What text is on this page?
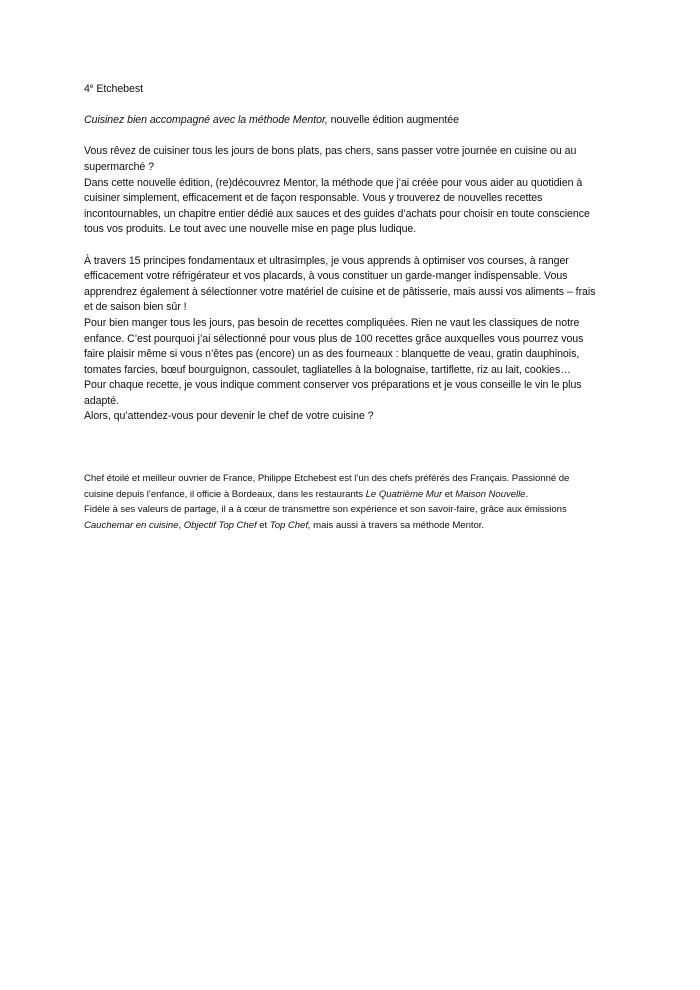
4e Etchebest
Cuisinez bien accompagné avec la méthode Mentor, nouvelle édition augmentée
Vous rêvez de cuisiner tous les jours de bons plats, pas chers, sans passer votre journée en cuisine ou au
supermarché ?
Dans cette nouvelle édition, (re)découvrez Mentor, la méthode que j’ai créée pour vous aider au quotidien à
cuisiner simplement, efficacement et de façon responsable. Vous y trouverez de nouvelles recettes
incontournables, un chapitre entier dédié aux sauces et des guides d’achats pour choisir en toute conscience
tous vos produits. Le tout avec une nouvelle mise en page plus ludique.
À travers 15 principes fondamentaux et ultrasimples, je vous apprends à optimiser vos courses, à ranger
efficacement votre réfrigérateur et vos placards, à vous constituer un garde-manger indispensable. Vous
apprendrez également à sélectionner votre matériel de cuisine et de pâtisserie, mais aussi vos aliments – frais
et de saison bien sûr !
Pour bien manger tous les jours, pas besoin de recettes compliquées. Rien ne vaut les classiques de notre
enfance. C’est pourquoi j’ai sélectionné pour vous plus de 100 recettes grâce auxquelles vous pourrez vous
faire plaisir même si vous n’êtes pas (encore) un as des fourneaux : blanquette de veau, gratin dauphinois,
tomates farcies, bœuf bourguignon, cassoulet, tagliatelles à la bolognaise, tartiflette, riz au lait, cookies…
Pour chaque recette, je vous indique comment conserver vos préparations et je vous conseille le vin le plus
adapté.
Alors, qu’attendez-vous pour devenir le chef de votre cuisine ?
Chef étoilé et meilleur ouvrier de France, Philippe Etchebest est l’un des chefs préférés des Français. Passionné de
cuisine depuis l’enfance, il officie à Bordeaux, dans les restaurants Le Quatrième Mur et Maison Nouvelle.
Fidèle à ses valeurs de partage, il a à cœur de transmettre son expérience et son savoir-faire, grâce aux émissions
Cauchemar en cuisine, Objectif Top Chef et Top Chef, mais aussi à travers sa méthode Mentor.
